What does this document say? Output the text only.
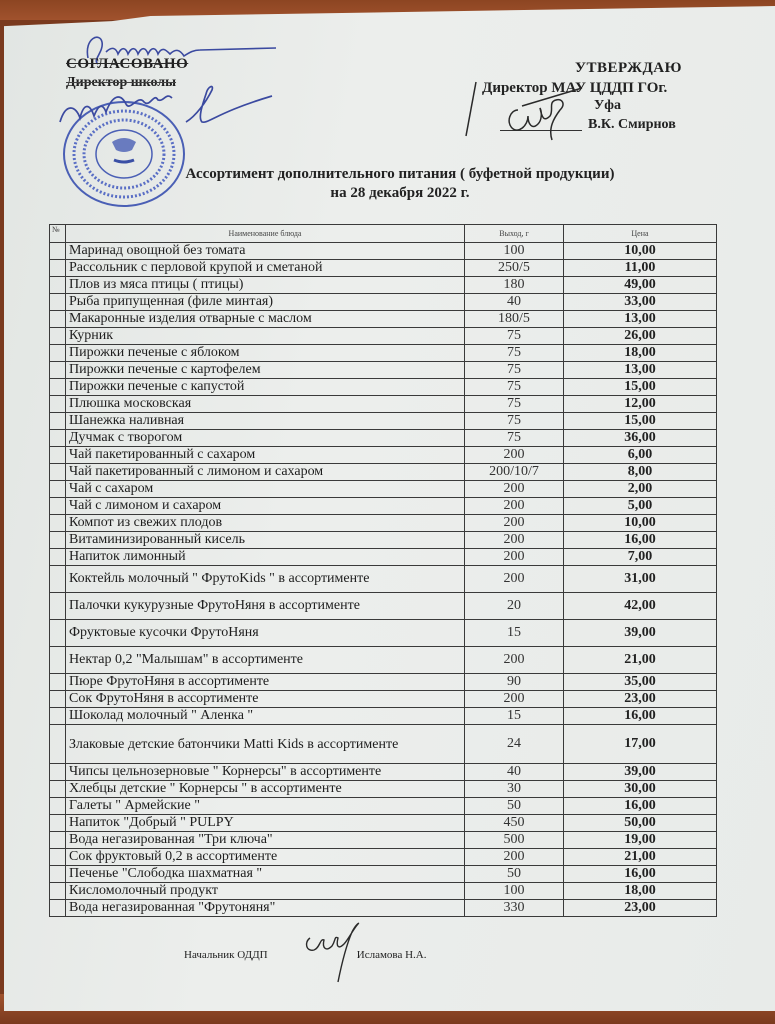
СОГЛАСОВАНО
Директор школы
УТВЕРЖДАЮ
Директор МАУ ЦДДП ГОг.
Уфа
В.К. Смирнов
Ассортимент дополнительного питания ( буфетной продукции)
на 28 декабря 2022 г.
№	Наименование блюда	Выход, г	Цена
	Маринад овощной без томата	100	10,00
	Рассольник с перловой крупой и сметаной	250/5	11,00
	Плов из мяса птицы ( птицы)	180	49,00
	Рыба припущенная (филе минтая)	40	33,00
	Макаронные изделия отварные с маслом	180/5	13,00
	Курник	75	26,00
	Пирожки печеные с яблоком	75	18,00
	Пирожки печеные с картофелем	75	13,00
	Пирожки печеные с капустой	75	15,00
	Плюшка московская	75	12,00
	Шанежка наливная	75	15,00
	Дучмак с творогом	75	36,00
	Чай пакетированный с сахаром	200	6,00
	Чай пакетированный с лимоном и сахаром	200/10/7	8,00
	Чай с сахаром	200	2,00
	Чай с лимоном и сахаром	200	5,00
	Компот из свежих плодов	200	10,00
	Витаминизированный кисель	200	16,00
	Напиток лимонный	200	7,00
	Коктейль молочный " ФрутоKids " в ассортименте	200	31,00
	Палочки кукурузные ФрутоНяня в ассортименте	20	42,00
	Фруктовые кусочки ФрутоНяня	15	39,00
	Нектар 0,2 "Малышам" в ассортименте	200	21,00
	Пюре ФрутоНяня в ассортименте	90	35,00
	Сок ФрутоНяня в ассортименте	200	23,00
	Шоколад молочный " Аленка "	15	16,00
	Злаковые детские батончики Matti Kids в ассортименте	24	17,00
	Чипсы цельнозерновые " Корнерсы" в ассортименте	40	39,00
	Хлебцы детские " Корнерсы " в ассортименте	30	30,00
	Галеты " Армейские "	50	16,00
	Напиток "Добрый " PULPY	450	50,00
	Вода негазированная "Три ключа"	500	19,00
	Сок фруктовый 0,2 в ассортименте	200	21,00
	Печенье "Слободка шахматная "	50	16,00
	Кисломолочный продукт	100	18,00
	Вода негазированная "Фрутоняня"	330	23,00
Начальник ОДДП	Исламова Н.А.
